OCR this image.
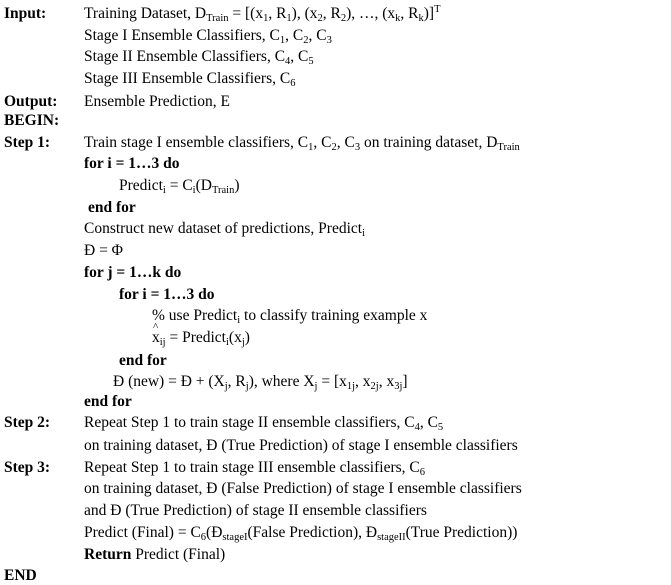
Input: Training Dataset, $D_{Train} = [(x_1$, $R_1$), ($x_2$, $R_2$), …, ($x_k$, $R_k)]^T$
Stage I Ensemble Classifiers, $C_1$, $C_2$, $C_3$
Stage II Ensemble Classifiers, $C_4$, $C_5$
Stage III Ensemble Classifiers, $C_6$
Output: Ensemble Prediction, E
BEGIN:
Step 1: Train stage I ensemble classifiers, $C_1$, $C_2$, $C_3$ on training dataset, $D_{Train}$
for i = 1…3 do
Predict$_i$ = $C_i(D_{Train})$
end for
Construct new dataset of predictions, Predict$_i$
Ð = Φ
for j = 1…k do
for i = 1…3 do
% use Predict$_i$ to classify training example x
^ $x_{ij}$ = $Predict_i(x_j)$
end for
Ð (new) = Ð + ($X_j$, $R_j$), where $X_j = [x_{1j}$, $x_{2j}$, $x_{3j}$]
end for
Step 2: Repeat Step 1 to train stage II ensemble classifiers, $C_4$, $C_5$
on training dataset, Ð (True Prediction) of stage I ensemble classifiers
Step 3: Repeat Step 1 to train stage III ensemble classifiers, $C_6$
on training dataset, Ð (False Prediction) of stage I ensemble classifiers
and Ð (True Prediction) of stage II ensemble classifiers
Predict (Final) = $C_6(Ð_{stageI}(False$ Prediction), $Ð_{stageII}(True$ Prediction))
Return Predict (Final)
END
